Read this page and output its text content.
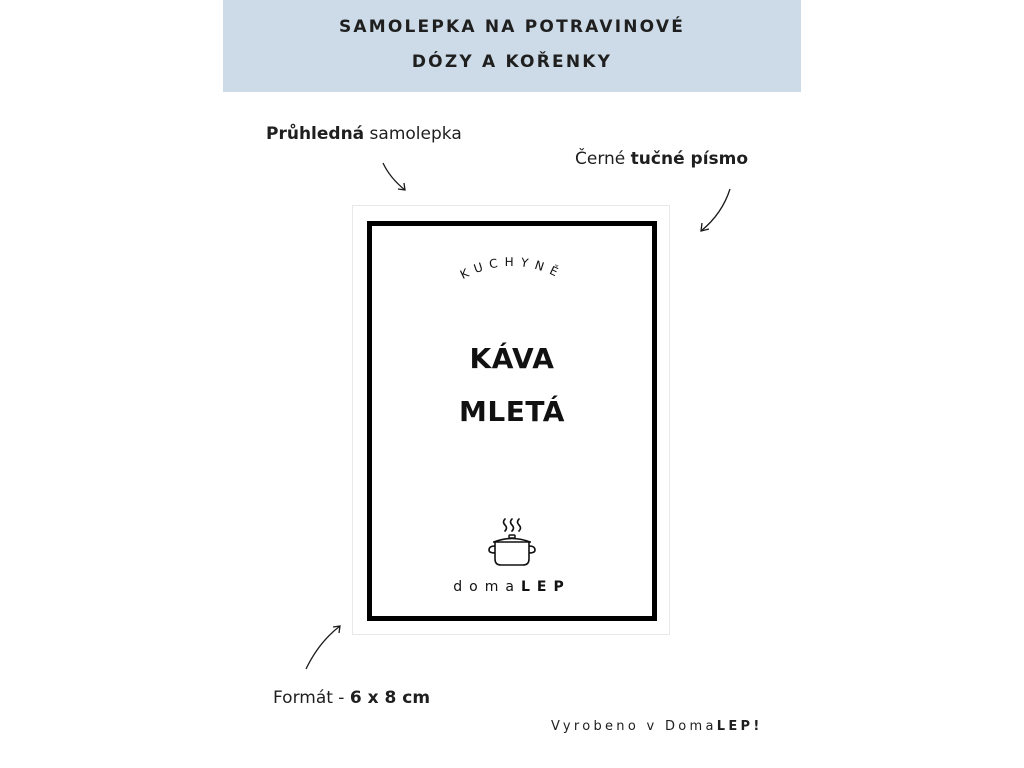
SAMOLEPKA NA POTRAVINOVÉ
DÓZY A KOŘENKY
Průhledná samolepka
Černé tučné písmo
KUCHYNĚ
KÁVA
MLETÁ
domaLEP
Formát - 6 x 8 cm
Vyrobeno v DomaLEP!
